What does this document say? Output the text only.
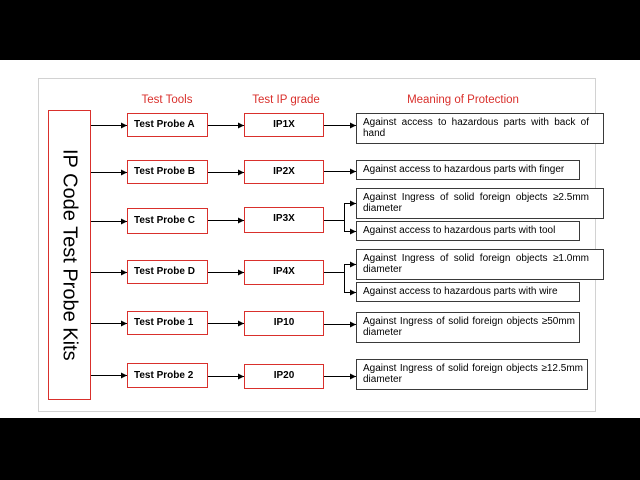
IP Code Test Probe Kits
Test Tools	Test IP grade	Meaning of Protection
Test Probe A
Test Probe B
Test Probe C
Test Probe D
Test Probe 1
Test Probe 2
IP1X
IP2X
IP3X
IP4X
IP10
IP20
Against access to hazardous parts with back of hand
Against access to hazardous parts with finger
Against Ingress of solid foreign objects ≥2.5mm diameter
Against access to hazardous parts with tool
Against Ingress of solid foreign objects ≥1.0mm diameter
Against access to hazardous parts with wire
Against Ingress of solid foreign objects ≥50mm diameter
Against Ingress of solid foreign objects ≥12.5mm diameter
